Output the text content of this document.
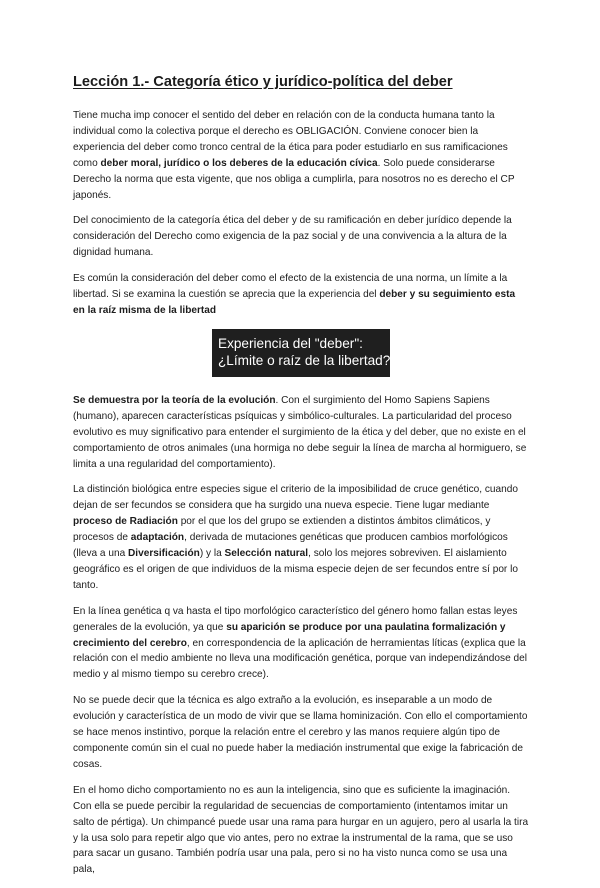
Lección 1.- Categoría ético y jurídico-política del deber

Tiene mucha imp conocer el sentido del deber en relación con de la conducta humana tanto la individual como la colectiva porque el derecho es OBLIGACIÓN. Conviene conocer bien la experiencia del deber como tronco central de la ética para poder estudiarlo en sus ramificaciones como deber moral, jurídico o los deberes de la educación cívica. Solo puede considerarse Derecho la norma que esta vigente, que nos obliga a cumplirla, para nosotros no es derecho el CP japonés.

Del conocimiento de la categoría ética del deber y de su ramificación en deber jurídico depende la consideración del Derecho como exigencia de la paz social y de una convivencia a la altura de la dignidad humana.

Es común la consideración del deber como el efecto de la existencia de una norma, un límite a la libertad. Si se examina la cuestión se aprecia que la experiencia del deber y su seguimiento esta en la raíz misma de la libertad

Experiencia del "deber":
¿Límite o raíz de la libertad?

Se demuestra por la teoría de la evolución. Con el surgimiento del Homo Sapiens Sapiens (humano), aparecen características psíquicas y simbólico-culturales. La particularidad del proceso evolutivo es muy significativo para entender el surgimiento de la ética y del deber, que no existe en el comportamiento de otros animales (una hormiga no debe seguir la línea de marcha al hormiguero, se limita a una regularidad del comportamiento).

La distinción biológica entre especies sigue el criterio de la imposibilidad de cruce genético, cuando dejan de ser fecundos se considera que ha surgido una nueva especie. Tiene lugar mediante proceso de Radiación por el que los del grupo se extienden a distintos ámbitos climáticos, y procesos de adaptación, derivada de mutaciones genéticas que producen cambios morfológicos (lleva a una Diversificación) y la Selección natural, solo los mejores sobreviven. El aislamiento geográfico es el origen de que individuos de la misma especie dejen de ser fecundos entre sí por lo tanto.

En la línea genética q va hasta el tipo morfológico característico del género homo fallan estas leyes generales de la evolución, ya que su aparición se produce por una paulatina formalización y crecimiento del cerebro, en correspondencia de la aplicación de herramientas líticas (explica que la relación con el medio ambiente no lleva una modificación genética, porque van independizándose del medio y al mismo tiempo su cerebro crece).

No se puede decir que la técnica es algo extraño a la evolución, es inseparable a un modo de evolución y característica de un modo de vivir que se llama hominización. Con ello el comportamiento se hace menos instintivo, porque la relación entre el cerebro y las manos requiere algún tipo de componente común sin el cual no puede haber la mediación instrumental que exige la fabricación de cosas.

En el homo dicho comportamiento no es aun la inteligencia, sino que es suficiente la imaginación. Con ella se puede percibir la regularidad de secuencias de comportamiento (intentamos imitar un salto de pértiga). Un chimpancé puede usar una rama para hurgar en un agujero, pero al usarla la tira y la usa solo para repetir algo que vio antes, pero no extrae la instrumental de la rama, que se uso para sacar un gusano. También podría usar una pala, pero si no ha visto nunca como se usa una pala,
